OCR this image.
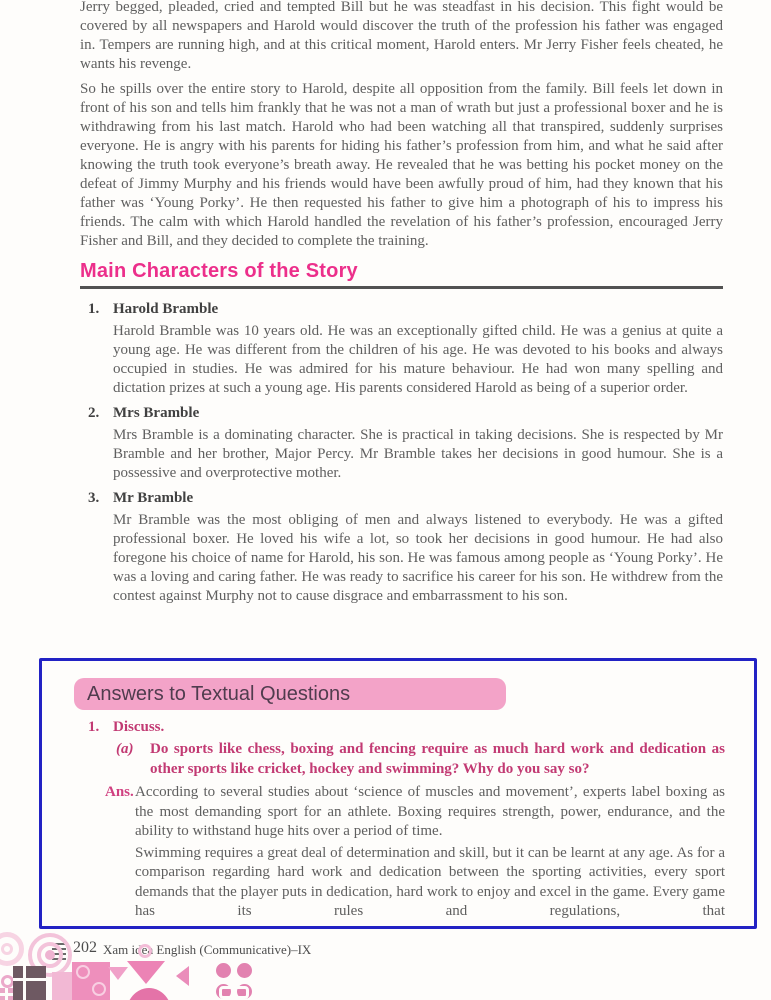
Jerry begged, pleaded, cried and tempted Bill but he was steadfast in his decision. This fight would be covered by all newspapers and Harold would discover the truth of the profession his father was engaged in. Tempers are running high, and at this critical moment, Harold enters. Mr Jerry Fisher feels cheated, he wants his revenge.

So he spills over the entire story to Harold, despite all opposition from the family. Bill feels let down in front of his son and tells him frankly that he was not a man of wrath but just a professional boxer and he is withdrawing from his last match. Harold who had been watching all that transpired, suddenly surprises everyone. He is angry with his parents for hiding his father’s profession from him, and what he said after knowing the truth took everyone’s breath away. He revealed that he was betting his pocket money on the defeat of Jimmy Murphy and his friends would have been awfully proud of him, had they known that his father was ‘Young Porky’. He then requested his father to give him a photograph of his to impress his friends. The calm with which Harold handled the revelation of his father’s profession, encouraged Jerry Fisher and Bill, and they decided to complete the training.

Main Characters of the Story
1. Harold Bramble
Harold Bramble was 10 years old. He was an exceptionally gifted child. He was a genius at quite a young age. He was different from the children of his age. He was devoted to his books and always occupied in studies. He was admired for his mature behaviour. He had won many spelling and dictation prizes at such a young age. His parents considered Harold as being of a superior order.
2. Mrs Bramble
Mrs Bramble is a dominating character. She is practical in taking decisions. She is respected by Mr Bramble and her brother, Major Percy. Mr Bramble takes her decisions in good humour. She is a possessive and overprotective mother.
3. Mr Bramble
Mr Bramble was the most obliging of men and always listened to everybody. He was a gifted professional boxer. He loved his wife a lot, so took her decisions in good humour. He had also foregone his choice of name for Harold, his son. He was famous among people as ‘Young Porky’. He was a loving and caring father. He was ready to sacrifice his career for his son. He withdrew from the contest against Murphy not to cause disgrace and embarrassment to his son.
Answers to Textual Questions
1. Discuss.
(a) Do sports like chess, boxing and fencing require as much hard work and dedication as other sports like cricket, hockey and swimming? Why do you say so?
Ans. According to several studies about ‘science of muscles and movement’, experts label boxing as the most demanding sport for an athlete. Boxing requires strength, power, endurance, and the ability to withstand huge hits over a period of time.
Swimming requires a great deal of determination and skill, but it can be learnt at any age. As for a comparison regarding hard work and dedication between the sporting activities, every sport demands that the player puts in dedication, hard work to enjoy and excel in the game. Every game has its rules and regulations, that
202 Xam idea English (Communicative)–IX
